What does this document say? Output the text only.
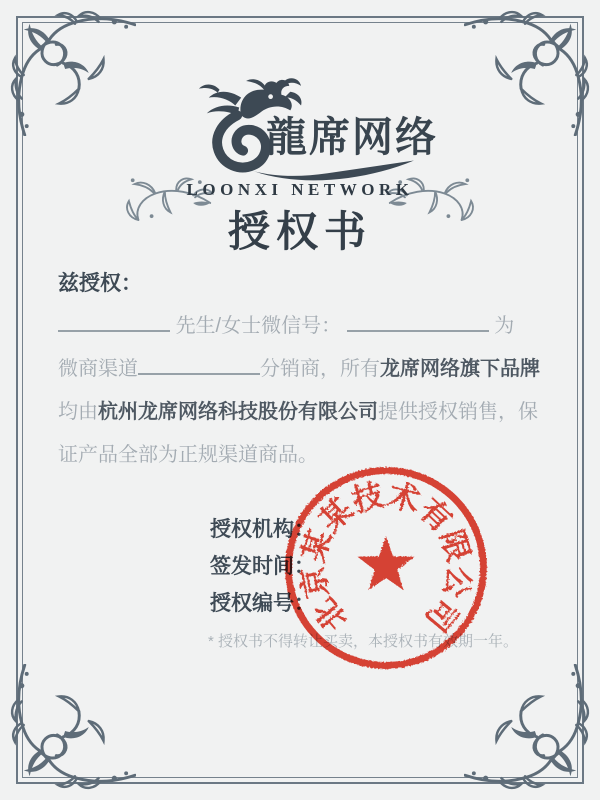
龍席网络
LOONXI NETWORK
授权书
兹授权：
先生/女士微信号：	为
微商渠道	分销商，所有龙席网络旗下品牌
均由杭州龙席网络科技股份有限公司提供授权销售，保
证产品全部为正规渠道商品。
授权机构：
签发时间：
授权编号：
* 授权书不得转让买卖，本授权书有效期一年。
北
京
某
某
技
术
有
限
公
司
